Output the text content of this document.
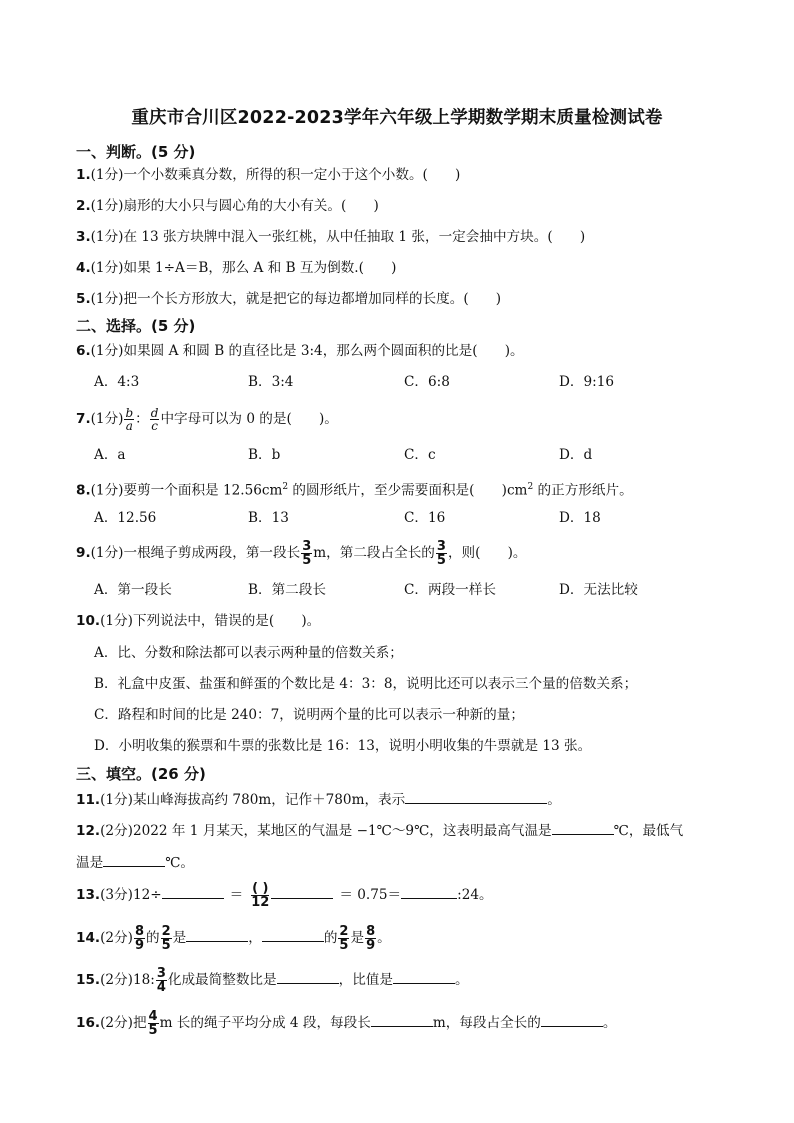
重庆市合川区2022-2023学年六年级上学期数学期末质量检测试卷
一、判断。(5 分)
1.(1分)一个小数乘真分数，所得的积一定小于这个小数。(　　)
2.(1分)扇形的大小只与圆心角的大小有关。(　　)
3.(1分)在 13 张方块牌中混入一张红桃，从中任抽取 1 张，一定会抽中方块。(　　)
4.(1分)如果 1÷A＝B，那么 A 和 B 互为倒数.(　　)
5.(1分)把一个长方形放大，就是把它的每边都增加同样的长度。(　　)
二、选择。(5 分)
6.(1分)如果圆 A 和圆 B 的直径比是 3:4，那么两个圆面积的比是(　　)。
A．4:3	B．3:4	C．6:8	D．9:16
7.(1分) $\frac{b}{a}$ ： $\frac{d}{c}$ 中字母可以为 0 的是(　　)。
A．a	B．b	C．c	D．d
8.(1分)要剪一个面积是 $12.56cm^2$ 的圆形纸片，至少需要面积是(　　)$cm^2$ 的正方形纸片。
A．12.56	B．13	C．16	D．18
9.(1分)一根绳子剪成两段，第一段长 $\frac{3}{5}$ m，第二段占全长的 $\frac{3}{5}$ ，则(　　)。
A．第一段长	B．第二段长	C．两段一样长	D．无法比较
10.(1分)下列说法中，错误的是(　　)。
A．比、分数和除法都可以表示两种量的倍数关系；
B．礼盒中皮蛋、盐蛋和鲜蛋的个数比是 4：3：8，说明比还可以表示三个量的倍数关系；
C．路程和时间的比是 240：7，说明两个量的比可以表示一种新的量；
D．小明收集的猴票和牛票的张数比是 16：13，说明小明收集的牛票就是 13 张。
三、填空。(26 分)
11.(1分)某山峰海拔高约 780m，记作＋780m，表示	。
12.(2分)2022 年 1 月某天，某地区的气温是 −1℃～9℃，这表明最高气温是	℃，最低气
温是	℃。
13.(3分)12÷	＝ $\frac{( )}{12}$	＝ 0.75＝	:24。
14.(2分) $\frac{8}{9}$ 的 $\frac{2}{5}$ 是	，	的 $\frac{2}{5}$ 是 $\frac{8}{9}$ 。
15.(2分)18: $\frac{3}{4}$ 化成最简整数比是	，比值是	。
16.(2分)把 $\frac{4}{5}$ m 长的绳子平均分成 4 段，每段长	m，每段占全长的	。
